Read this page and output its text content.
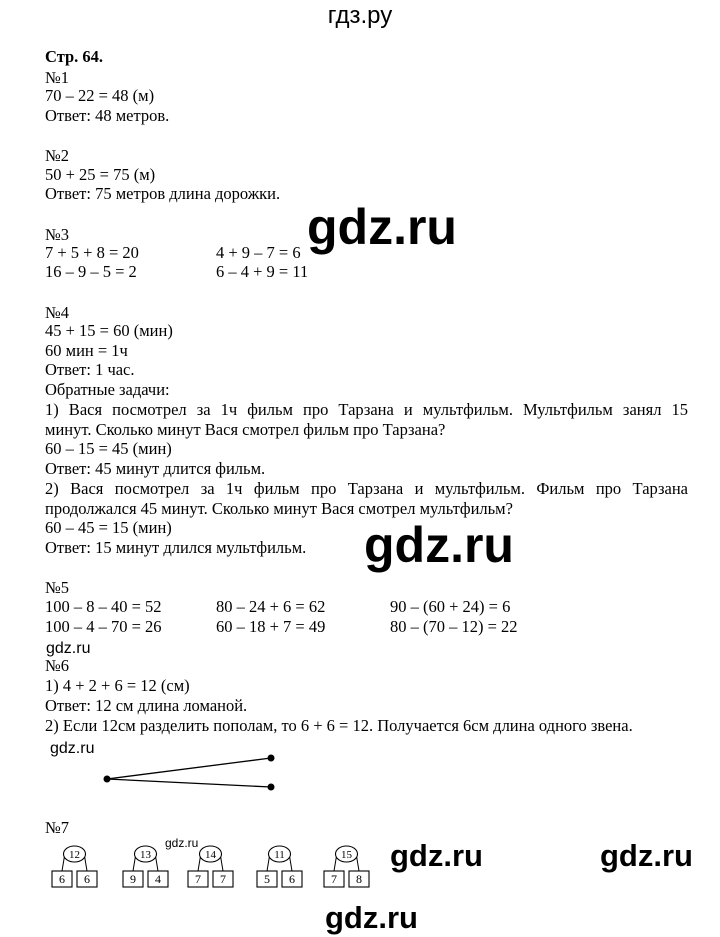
гдз.ру
gdz.ru
gdz.ru
gdz.ru
gdz.ru
gdz.ru	gdz.ru	gdz.ru
gdz.ru
Стр. 64.
№1
70 – 22 = 48 (м)
Ответ: 48 метров.
№2
50 + 25 = 75 (м)
Ответ: 75 метров длина дорожки.
№3
7 + 5 + 8 = 20
16 – 9 – 5 = 2
4 + 9 – 7 = 6
6 – 4 + 9 = 11
№4
45 + 15 = 60 (мин)
60 мин = 1ч
Ответ: 1 час.
Обратные задачи:
1) Вася посмотрел за 1ч фильм про Тарзана и мультфильм. Мультфильм занял 15
минут. Сколько минут Вася смотрел фильм про Тарзана?
60 – 15 = 45 (мин)
Ответ: 45 минут длится фильм.
2) Вася посмотрел за 1ч фильм про Тарзана и мультфильм. Фильм про Тарзана
продолжался 45 минут. Сколько минут Вася смотрел мультфильм?
60 – 45 = 15 (мин)
Ответ: 15 минут длился мультфильм.
№5
100 – 8 – 40 = 52
100 – 4 – 70 = 26
80 – 24 + 6 = 62
60 – 18 + 7 = 49
90 – (60 + 24) = 6
80 – (70 – 12) = 22
№6
1) 4 + 2 + 6 = 12 (см)
Ответ: 12 см длина ломаной.
2) Если 12см разделить пополам, то 6 + 6 = 12. Получается 6см длина одного звена.
№7
12
6 6
13
9 4
14
7 7
11
5 6
15
7 8
